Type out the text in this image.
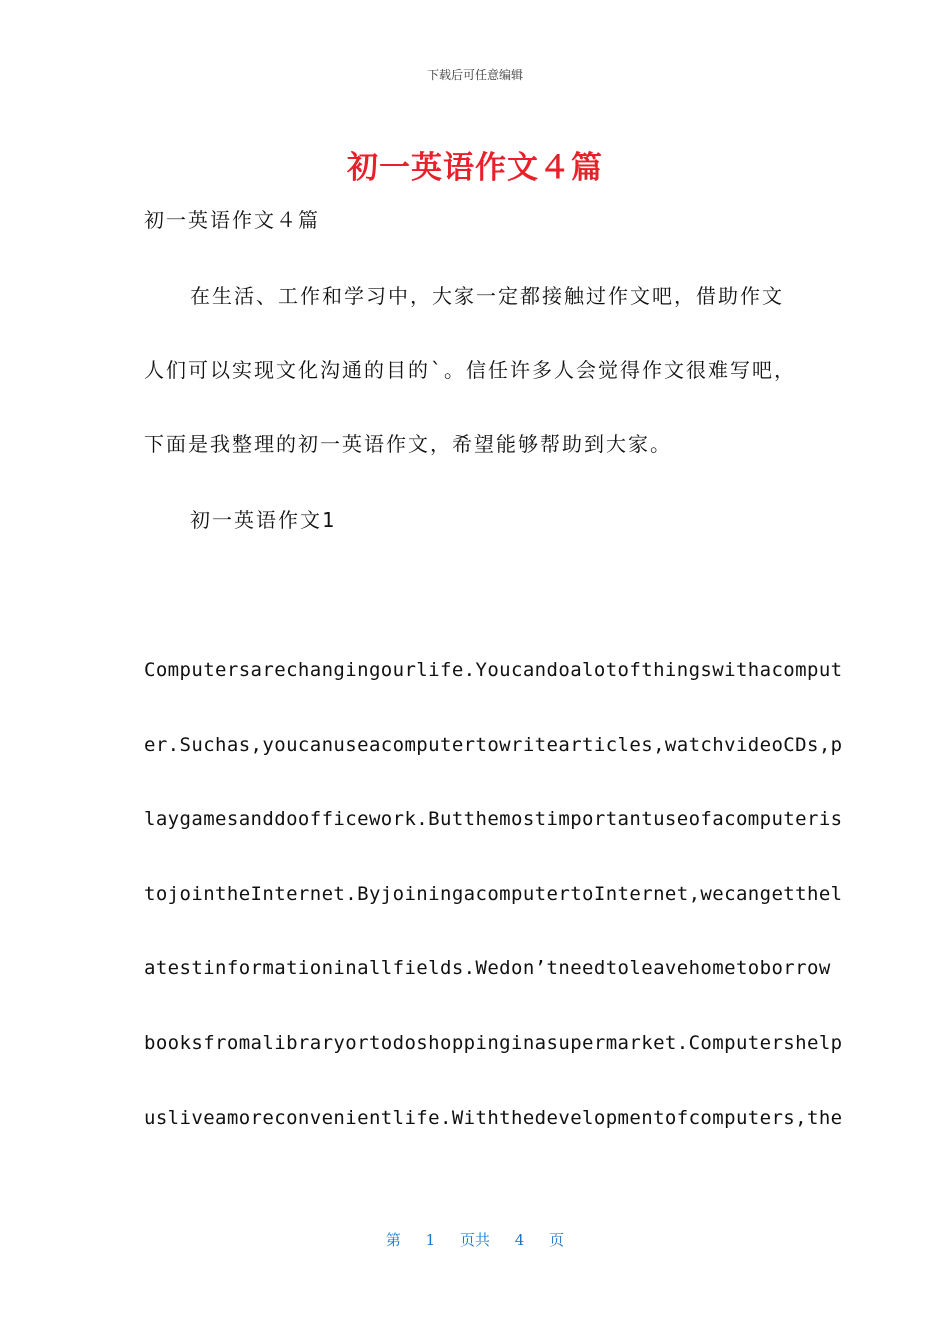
下载后可任意编辑
初一英语作文４篇
初一英语作文４篇
在生活、工作和学习中，大家一定都接触过作文吧，借助作文
人们可以实现文化沟通的目的`。信任许多人会觉得作文很难写吧，
下面是我整理的初一英语作文，希望能够帮助到大家。
初一英语作文1
Computersarechangingourlife.Youcandoalotofthingswithacomput
er.Suchas,youcanuseacomputertowritearticles,watchvideoCDs,p
laygamesanddoofficework.Butthemostimportantuseofacomputeris
tojointheInternet.ByjoiningacomputertoInternet,wecangetthel
atestinformationinallfields.Wedon’tneedtoleavehometoborrow
booksfromalibraryortodoshoppinginasupermarket.Computershelp
usliveamoreconvenientlife.Withthedevelopmentofcomputers,the
第 1 页共 4 页
